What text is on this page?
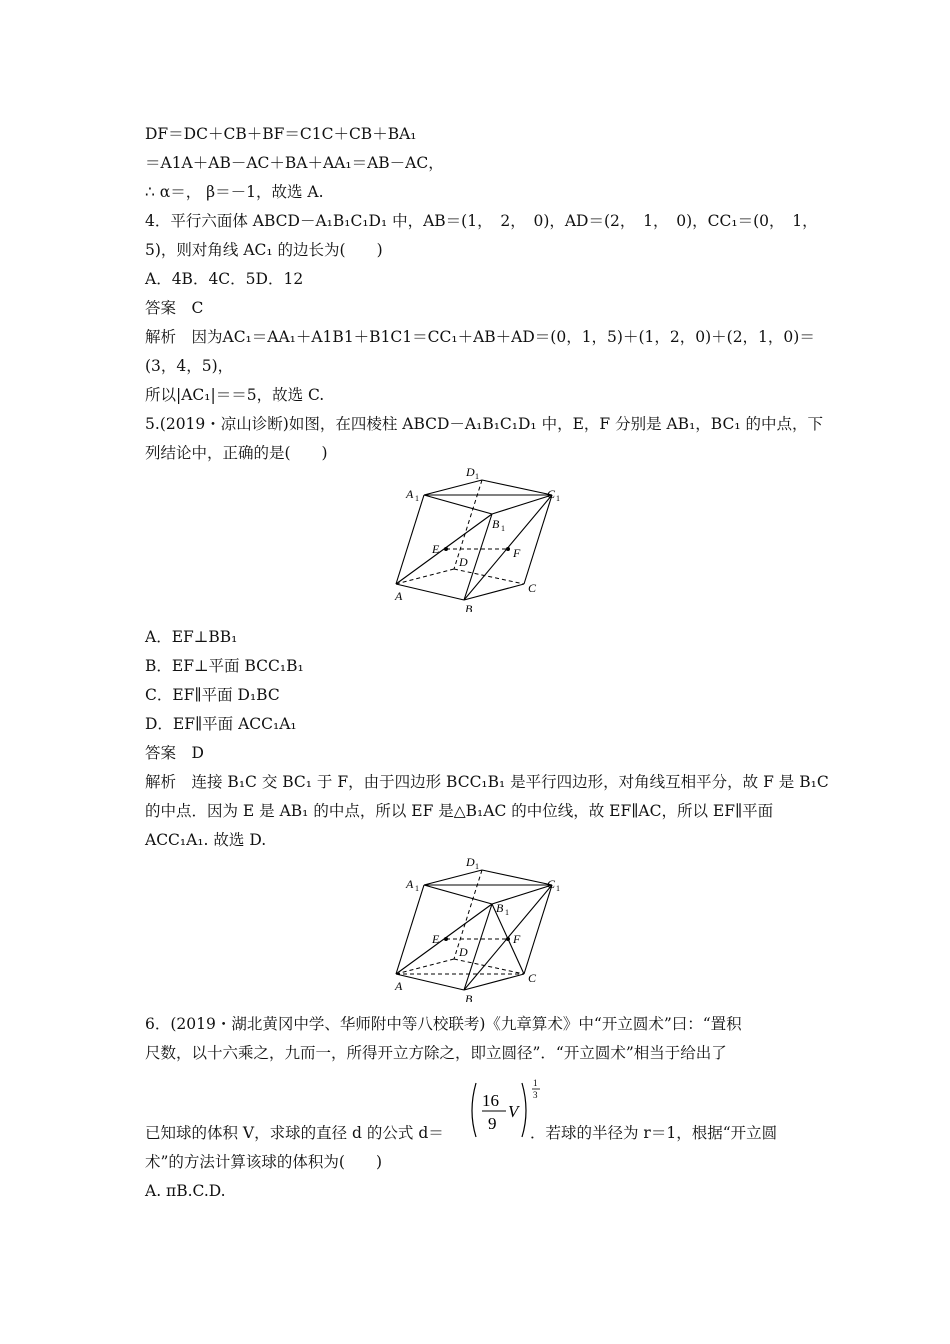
DF＝DC＋CB＋BF＝C1C＋CB＋BA₁
＝A1A＋AB－AC＋BA＋AA₁＝AB－AC，
∴ α＝， β＝－1，故选 A.
4．平行六面体 ABCD－A₁B₁C₁D₁ 中，AB＝(1，　2，　0)，AD＝(2，　1，　0)，CC₁＝(0，　1，
5)，则对角线 AC₁ 的边长为(　　)
A．4B．4C．5D．12
答案　C
解析　因为AC₁＝AA₁＋A1B1＋B1C1＝CC₁＋AB＋AD＝(0，1，5)＋(1，2，0)＋(2，1，0)＝
(3，4，5)，
所以|AC₁|＝＝5，故选 C.
5.(2019・凉山诊断)如图，在四棱柱 ABCD－A₁B₁C₁D₁ 中，E，F 分别是 AB₁，BC₁ 的中点，下
列结论中，正确的是(　　)
A 1
D 1
C 1
B 1
E	F
D
A
B
C
A．EF⊥BB₁
B．EF⊥平面 BCC₁B₁
C．EF∥平面 D₁BC
D．EF∥平面 ACC₁A₁
答案　D
解析　连接 B₁C 交 BC₁ 于 F，由于四边形 BCC₁B₁ 是平行四边形，对角线互相平分，故 F 是 B₁C
的中点．因为 E 是 AB₁ 的中点，所以 EF 是△B₁AC 的中位线，故 EF∥AC，所以 EF∥平面
ACC₁A₁. 故选 D.
A 1
D 1
C 1
B 1
E	F
D
A
B
C
6．(2019・湖北黄冈中学、华师附中等八校联考)《九章算术》中“开立圆术”曰：“置积
尺数，以十六乘之，九而一，所得开立方除之，即立圆径”．“开立圆术”相当于给出了
已知球的体积 V，求球的直径 d 的公式 d＝
16
9
V
1
3
．若球的半径为 r＝1，根据“开立圆
术”的方法计算该球的体积为(　　)
A. πB.C.D.
